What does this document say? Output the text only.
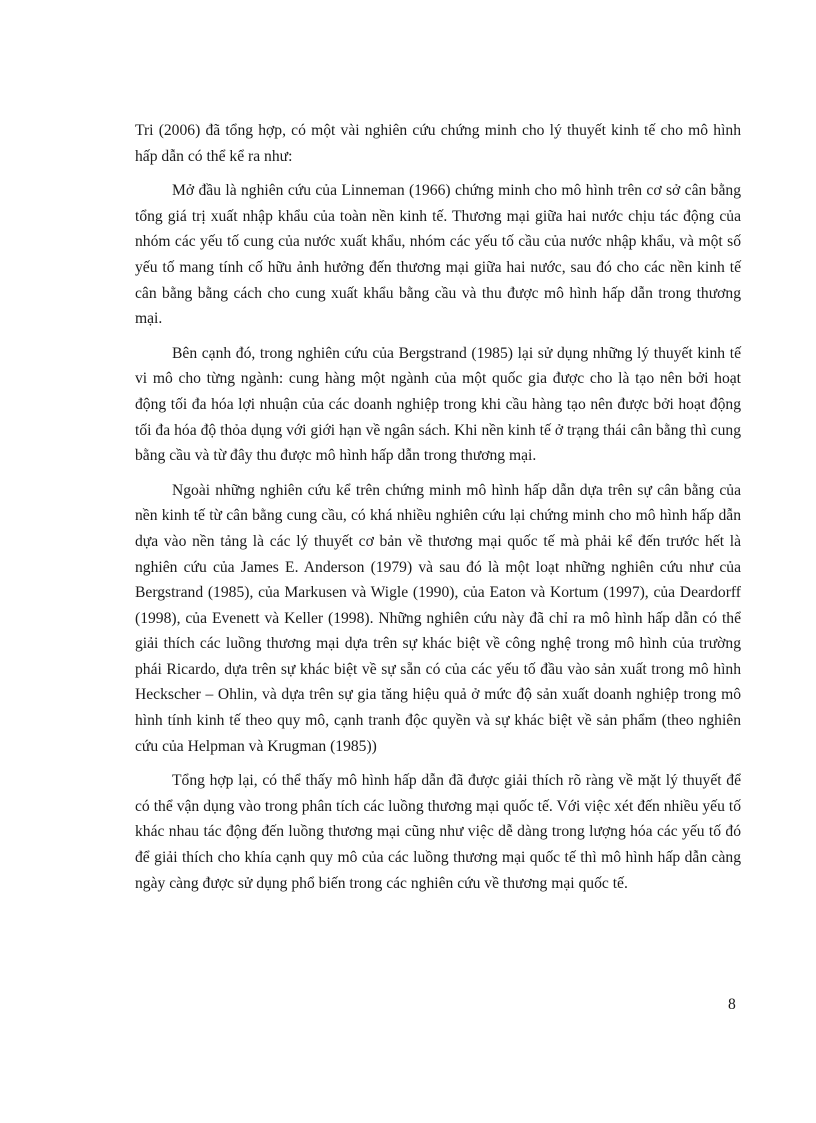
Tri (2006) đã tổng hợp, có một vài nghiên cứu chứng minh cho lý thuyết kinh tế cho mô hình hấp dẫn có thể kể ra như:

Mở đầu là nghiên cứu của Linneman (1966) chứng minh cho mô hình trên cơ sở cân bằng tổng giá trị xuất nhập khẩu của toàn nền kinh tế. Thương mại giữa hai nước chịu tác động của nhóm các yếu tố cung của nước xuất khẩu, nhóm các yếu tố cầu của nước nhập khẩu, và một số yếu tố mang tính cố hữu ảnh hưởng đến thương mại giữa hai nước, sau đó cho các nền kinh tế cân bằng bằng cách cho cung xuất khẩu bằng cầu và thu được mô hình hấp dẫn trong thương mại.

Bên cạnh đó, trong nghiên cứu của Bergstrand (1985) lại sử dụng những lý thuyết kinh tế vi mô cho từng ngành: cung hàng một ngành của một quốc gia được cho là tạo nên bởi hoạt động tối đa hóa lợi nhuận của các doanh nghiệp trong khi cầu hàng tạo nên được bởi hoạt động tối đa hóa độ thỏa dụng với giới hạn về ngân sách. Khi nền kinh tế ở trạng thái cân bằng thì cung bằng cầu và từ đây thu được mô hình hấp dẫn trong thương mại.

Ngoài những nghiên cứu kể trên chứng minh mô hình hấp dẫn dựa trên sự cân bằng của nền kinh tế từ cân bằng cung cầu, có khá nhiều nghiên cứu lại chứng minh cho mô hình hấp dẫn dựa vào nền tảng là các lý thuyết cơ bản về thương mại quốc tế mà phải kể đến trước hết là nghiên cứu của James E. Anderson (1979) và sau đó là một loạt những nghiên cứu như của Bergstrand (1985), của Markusen và Wigle (1990), của Eaton và Kortum (1997), của Deardorff (1998), của Evenett và Keller (1998). Những nghiên cứu này đã chỉ ra mô hình hấp dẫn có thể giải thích các luồng thương mại dựa trên sự khác biệt về công nghệ trong mô hình của trường phái Ricardo, dựa trên sự khác biệt về sự sẵn có của các yếu tố đầu vào sản xuất trong mô hình Heckscher – Ohlin, và dựa trên sự gia tăng hiệu quả ở mức độ sản xuất doanh nghiệp trong mô hình tính kinh tế theo quy mô, cạnh tranh độc quyền và sự khác biệt về sản phẩm (theo nghiên cứu của Helpman và Krugman (1985))

Tổng hợp lại, có thể thấy mô hình hấp dẫn đã được giải thích rõ ràng về mặt lý thuyết để có thể vận dụng vào trong phân tích các luồng thương mại quốc tế. Với việc xét đến nhiều yếu tố khác nhau tác động đến luồng thương mại cũng như việc dễ dàng trong lượng hóa các yếu tố đó để giải thích cho khía cạnh quy mô của các luồng thương mại quốc tế thì mô hình hấp dẫn càng ngày càng được sử dụng phổ biến trong các nghiên cứu về thương mại quốc tế.

8
